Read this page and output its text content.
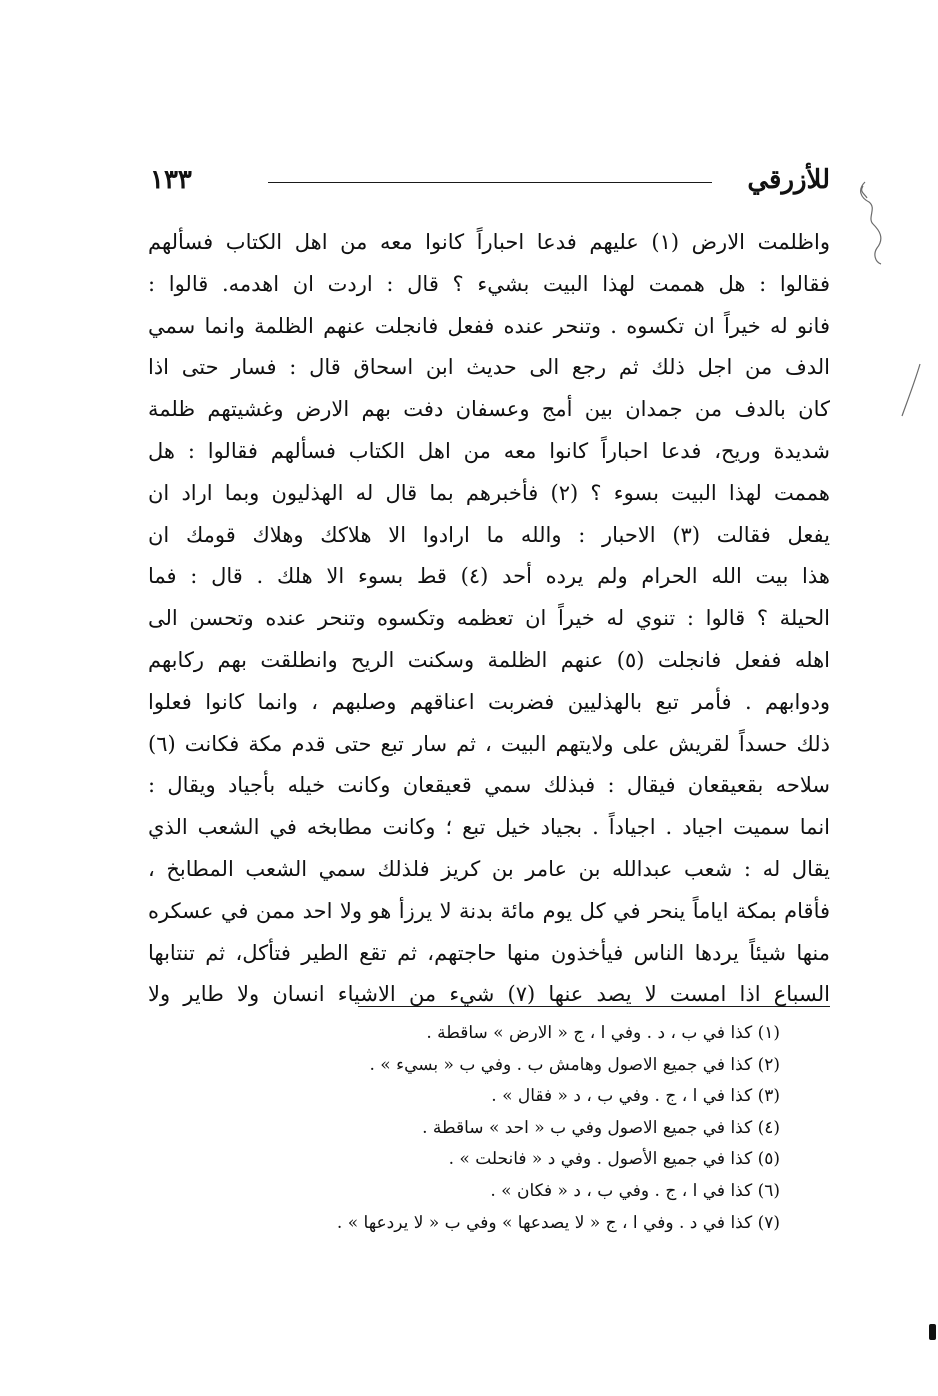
للأزرقي
١٣٣
واظلمت الارض (١) عليهم فدعا احباراً كانوا معه من اهل الكتاب فسألهم
فقالوا : هل هممت لهذا البيت بشيء ؟ قال : اردت ان اهدمه. قالوا :
فانو له خيراً ان تكسوه . وتنحر عنده ففعل فانجلت عنهم الظلمة وانما سمي
الدف من اجل ذلك ثم رجع الى حديث ابن اسحاق قال : فسار حتى اذا
كان بالدف من جمدان بين أمج وعسفان دفت بهم الارض وغشيتهم ظلمة
شديدة وريح، فدعا احباراً كانوا معه من اهل الكتاب فسألهم فقالوا : هل
هممت لهذا البيت بسوء ؟ (٢) فأخبرهم بما قال له الهذليون وبما اراد ان
يفعل فقالت (٣) الاحبار : والله ما ارادوا الا هلاكك وهلاك قومك ان
هذا بيت الله الحرام ولم يرده أحد (٤) قط بسوء الا هلك . قال : فما
الحيلة ؟ قالوا : تنوي له خيراً ان تعظمه وتكسوه وتنحر عنده وتحسن الى
اهله ففعل فانجلت (٥) عنهم الظلمة وسكنت الريح وانطلقت بهم ركابهم
ودوابهم . فأمر تبع بالهذليين فضربت اعناقهم وصلبهم ، وانما كانوا فعلوا
ذلك حسداً لقريش على ولايتهم البيت ، ثم سار تبع حتى قدم مكة فكانت (٦)
سلاحه بقعيقعان فيقال : فبذلك سمي قعيقعان وكانت خيله بأجياد ويقال :
انما سميت اجياد . اجياداً . بجياد خيل تبع ؛ وكانت مطابخه في الشعب الذي
يقال له : شعب عبدالله بن عامر بن كريز فلذلك سمي الشعب المطابخ ،
فأقام بمكة اياماً ينحر في كل يوم مائة بدنة لا يرزأ هو ولا احد ممن في عسكره
منها شيئاً يردها الناس فيأخذون منها حاجتهم، ثم تقع الطير فتأكل، ثم تنتابها
السباع اذا امست لا يصد عنها (٧) شيء من الاشياء انسان ولا طاير ولا
(١) كذا في ب ، د . وفي ا ، ج « الارض » ساقطة .
(٢) كذا في جميع الاصول وهامش ب . وفي ب « بسيء » .
(٣) كذا في ا ، ج . وفي ب ، د « فقال » .
(٤) كذا في جميع الاصول وفي ب « احد » ساقطة .
(٥) كذا في جميع الأصول . وفي د « فانحلت » .
(٦) كذا في ا ، ج . وفي ب ، د « فكان » .
(٧) كذا في د . وفي ا ، ج « لا يصدعها » وفي ب « لا يردعها » .
